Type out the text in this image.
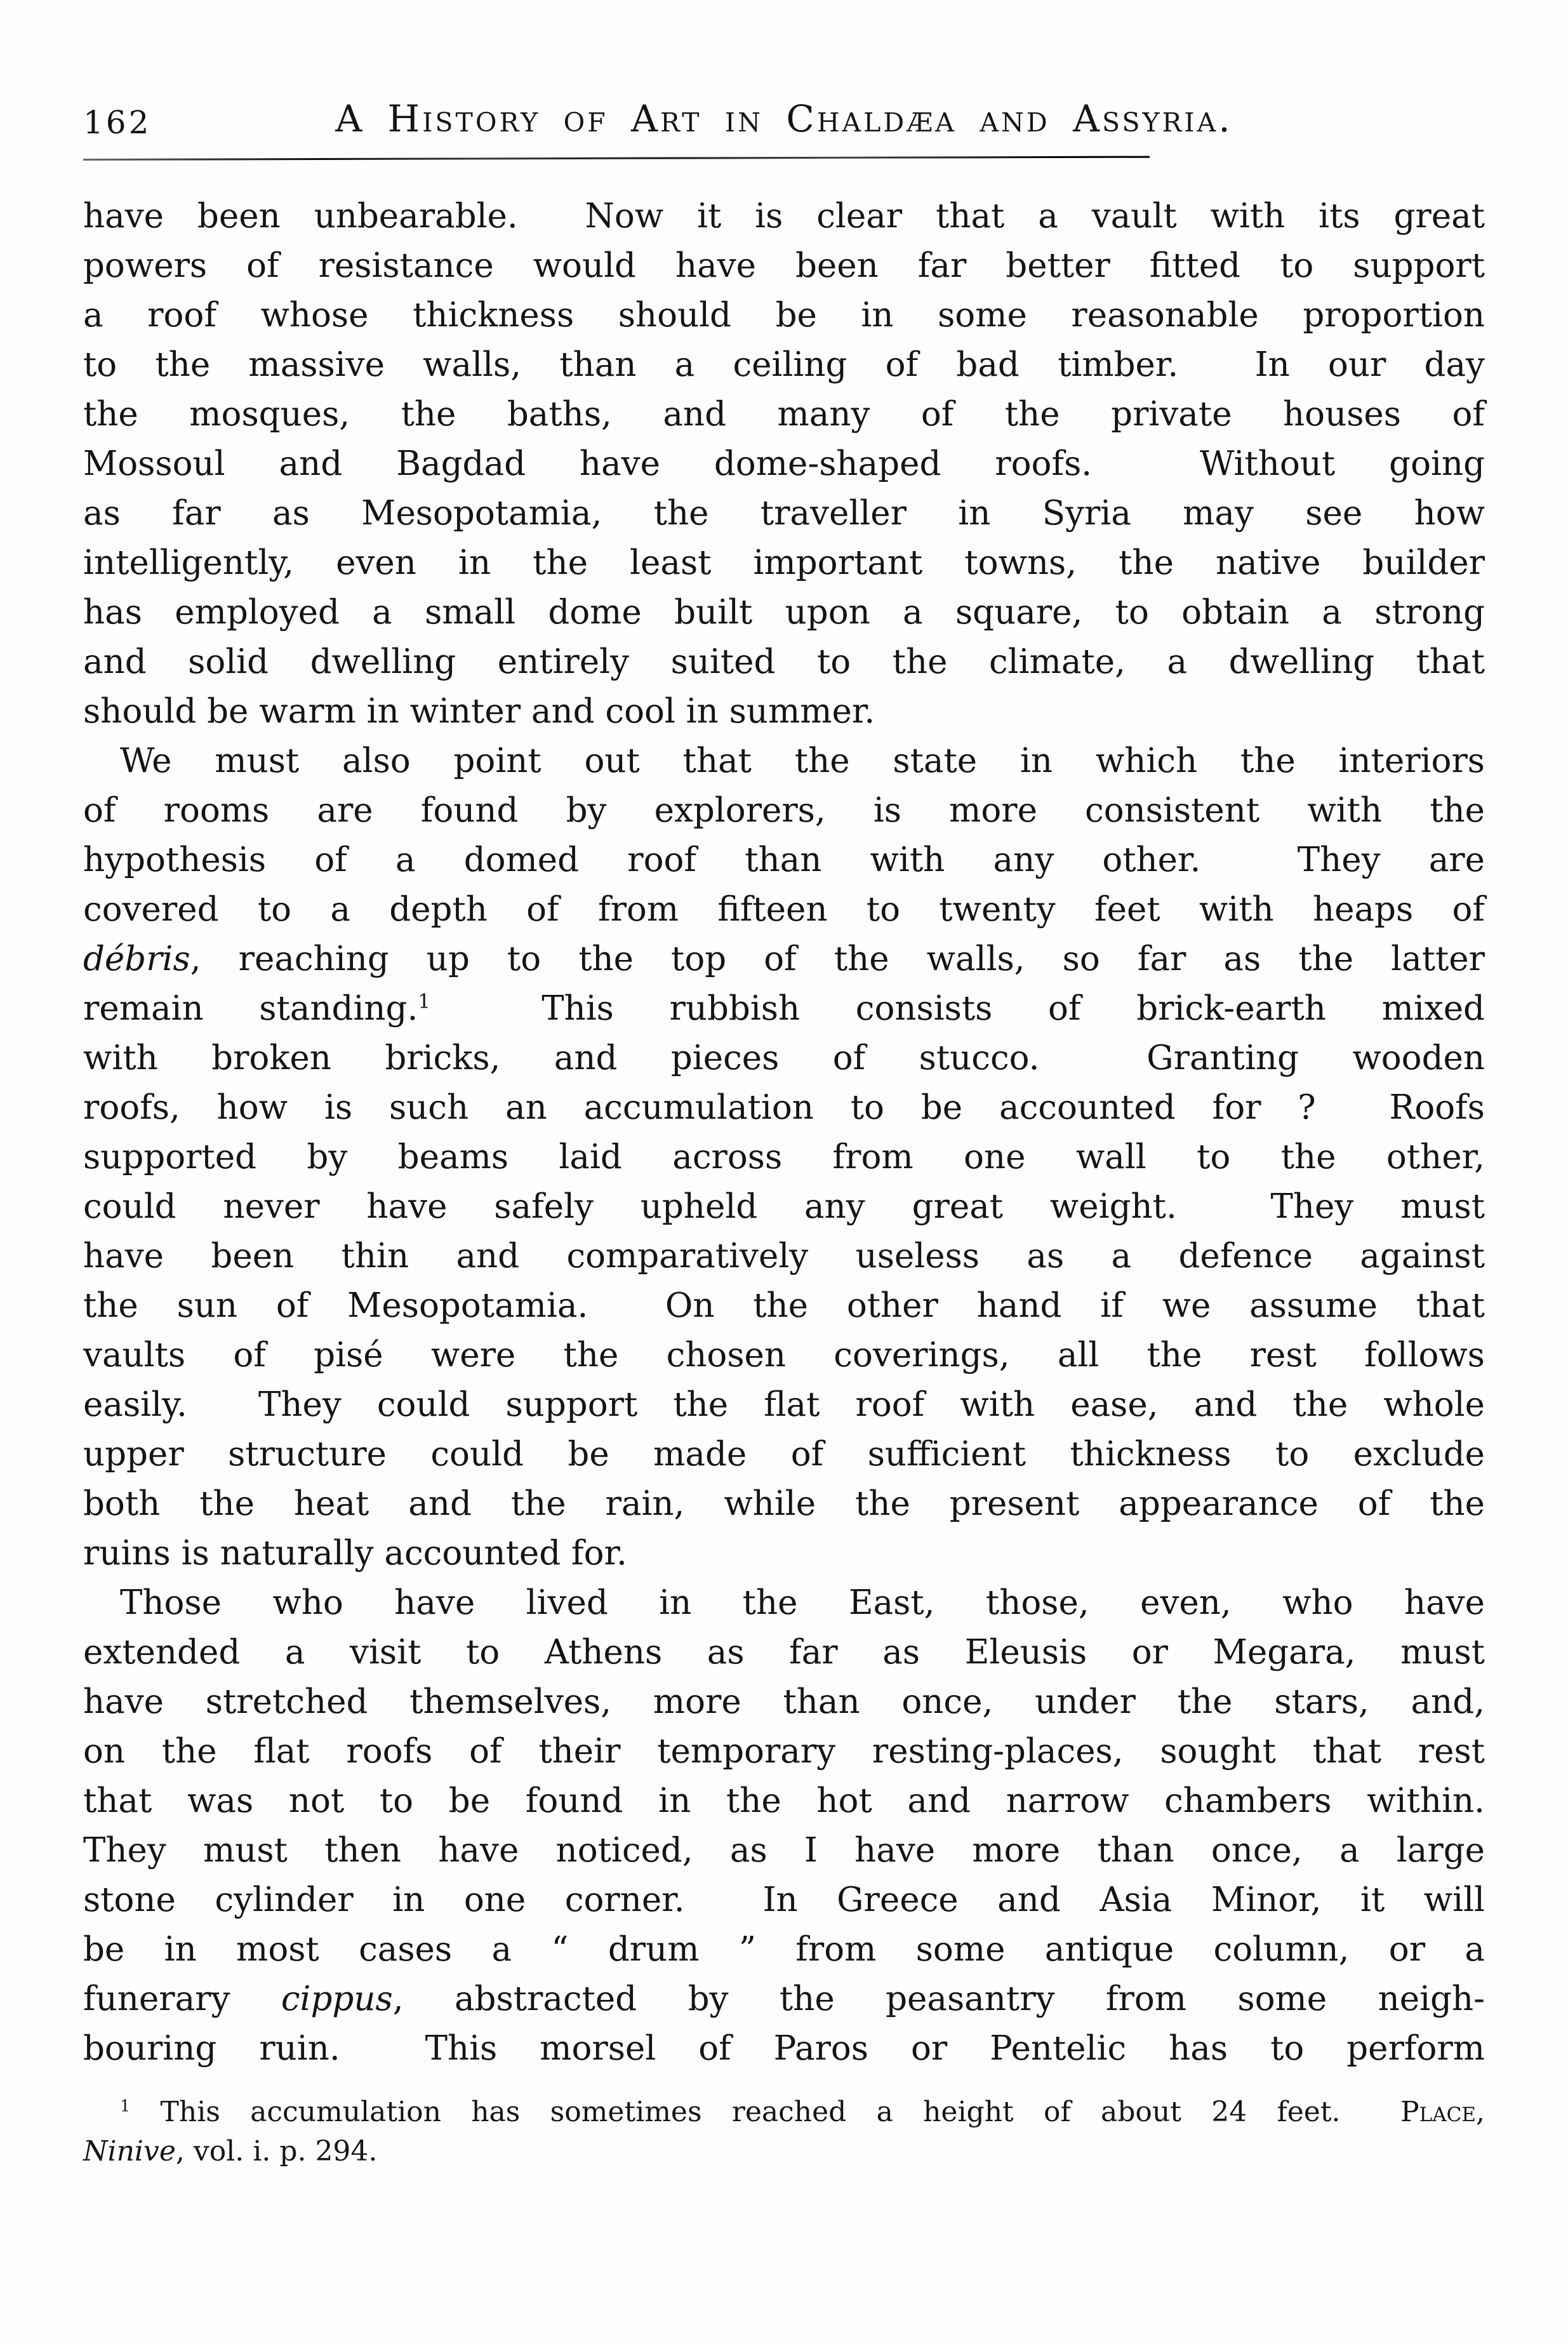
162	A History of Art in Chaldæa and Assyria.
have been unbearable.  Now it is clear that a vault with its great
powers of resistance would have been far better fitted to support
a roof whose thickness should be in some reasonable proportion
to the massive walls, than a ceiling of bad timber.  In our day
the mosques, the baths, and many of the private houses of
Mossoul and Bagdad have dome-shaped roofs.  Without going
as far as Mesopotamia, the traveller in Syria may see how
intelligently, even in the least important towns, the native builder
has employed a small dome built upon a square, to obtain a strong
and solid dwelling entirely suited to the climate, a dwelling that
should be warm in winter and cool in summer.
We must also point out that the state in which the interiors
of rooms are found by explorers, is more consistent with the
hypothesis of a domed roof than with any other.  They are
covered to a depth of from fifteen to twenty feet with heaps of
débris, reaching up to the top of the walls, so far as the latter
remain standing.$^1$  This rubbish consists of brick-earth mixed
with broken bricks, and pieces of stucco.  Granting wooden
roofs, how is such an accumulation to be accounted for ?  Roofs
supported by beams laid across from one wall to the other,
could never have safely upheld any great weight.  They must
have been thin and comparatively useless as a defence against
the sun of Mesopotamia.  On the other hand if we assume that
vaults of pisé were the chosen coverings, all the rest follows
easily.  They could support the flat roof with ease, and the whole
upper structure could be made of sufficient thickness to exclude
both the heat and the rain, while the present appearance of the
ruins is naturally accounted for.
Those who have lived in the East, those, even, who have
extended a visit to Athens as far as Eleusis or Megara, must
have stretched themselves, more than once, under the stars, and,
on the flat roofs of their temporary resting-places, sought that rest
that was not to be found in the hot and narrow chambers within.
They must then have noticed, as I have more than once, a large
stone cylinder in one corner.  In Greece and Asia Minor, it will
be in most cases a “ drum ” from some antique column, or a
funerary cippus, abstracted by the peasantry from some neigh-
bouring ruin.  This morsel of Paros or Pentelic has to perform
$^1$ This accumulation has sometimes reached a height of about 24 feet.  Place,
Ninive, vol. i. p. 294.
